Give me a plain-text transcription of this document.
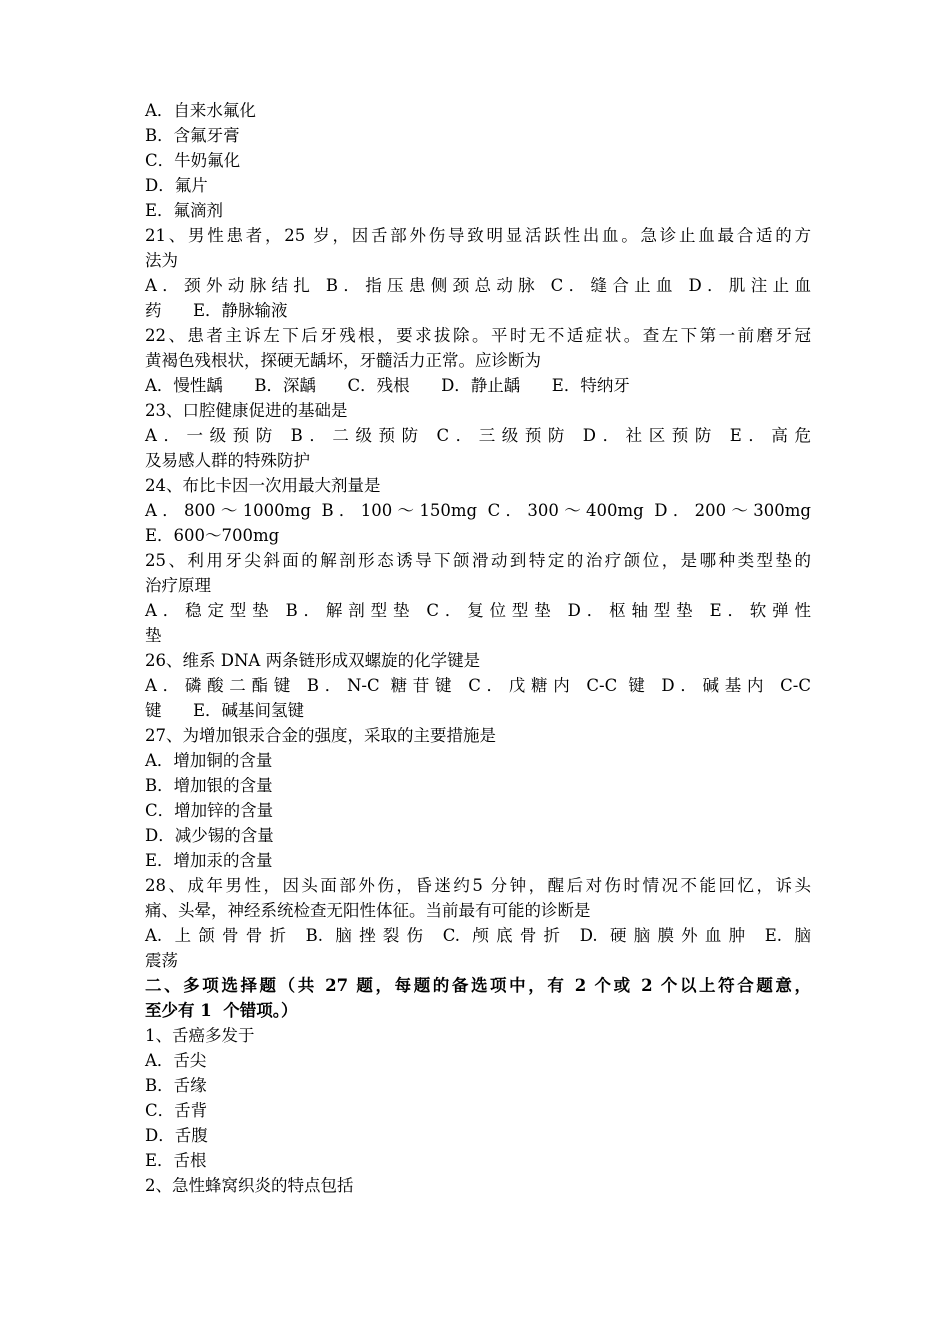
A．自来水氟化
B．含氟牙膏
C．牛奶氟化
D．氟片
E．氟滴剂
21、男性患者，25 岁，因舌部外伤导致明显活跃性出血。急诊止血最合适的方
法为
A．颈外动脉结扎 B．指压患侧颈总动脉 C．缝合止血 D．肌注止血
药      E．静脉输液
22、患者主诉左下后牙残根，要求拔除。平时无不适症状。查左下第一前磨牙冠
黄褐色残根状，探硬无龋坏，牙髓活力正常。应诊断为
A．慢性龋      B．深龋      C．残根      D．静止龋      E．特纳牙
23、口腔健康促进的基础是
A．一级预防 B．二级预防 C．三级预防 D．社区预防 E．高危
及易感人群的特殊防护
24、布比卡因一次用最大剂量是
A．800～1000mg B．100～150mg C．300～400mg D．200～300mg
E．600～700mg
25、利用牙尖斜面的解剖形态诱导下颌滑动到特定的治疗颌位，是哪种类型垫的
治疗原理
A．稳定型垫 B．解剖型垫 C．复位型垫 D．枢轴型垫 E．软弹性
垫
26、维系 DNA 两条链形成双螺旋的化学键是
A．磷酸二酯键 B．N-C 糖苷键 C．戊糖内 C-C 键 D．碱基内 C-C
键      E．碱基间氢键
27、为增加银汞合金的强度，采取的主要措施是
A．增加铜的含量
B．增加银的含量
C．增加锌的含量
D．减少锡的含量
E．增加汞的含量
28、成年男性，因头面部外伤，昏迷约5 分钟，醒后对伤时情况不能回忆，诉头
痛、头晕，神经系统检查无阳性体征。当前最有可能的诊断是
A. 上颌骨骨折 B. 脑挫裂伤 C. 颅底骨折 D. 硬脑膜外血肿 E. 脑
震荡
二、多项选择题（共 27 题，每题的备选项中，有 2 个或 2 个以上符合题意，
至少有 1  个错项。）
1、舌癌多发于
A．舌尖
B．舌缘
C．舌背
D．舌腹
E．舌根
2、急性蜂窝织炎的特点包括
